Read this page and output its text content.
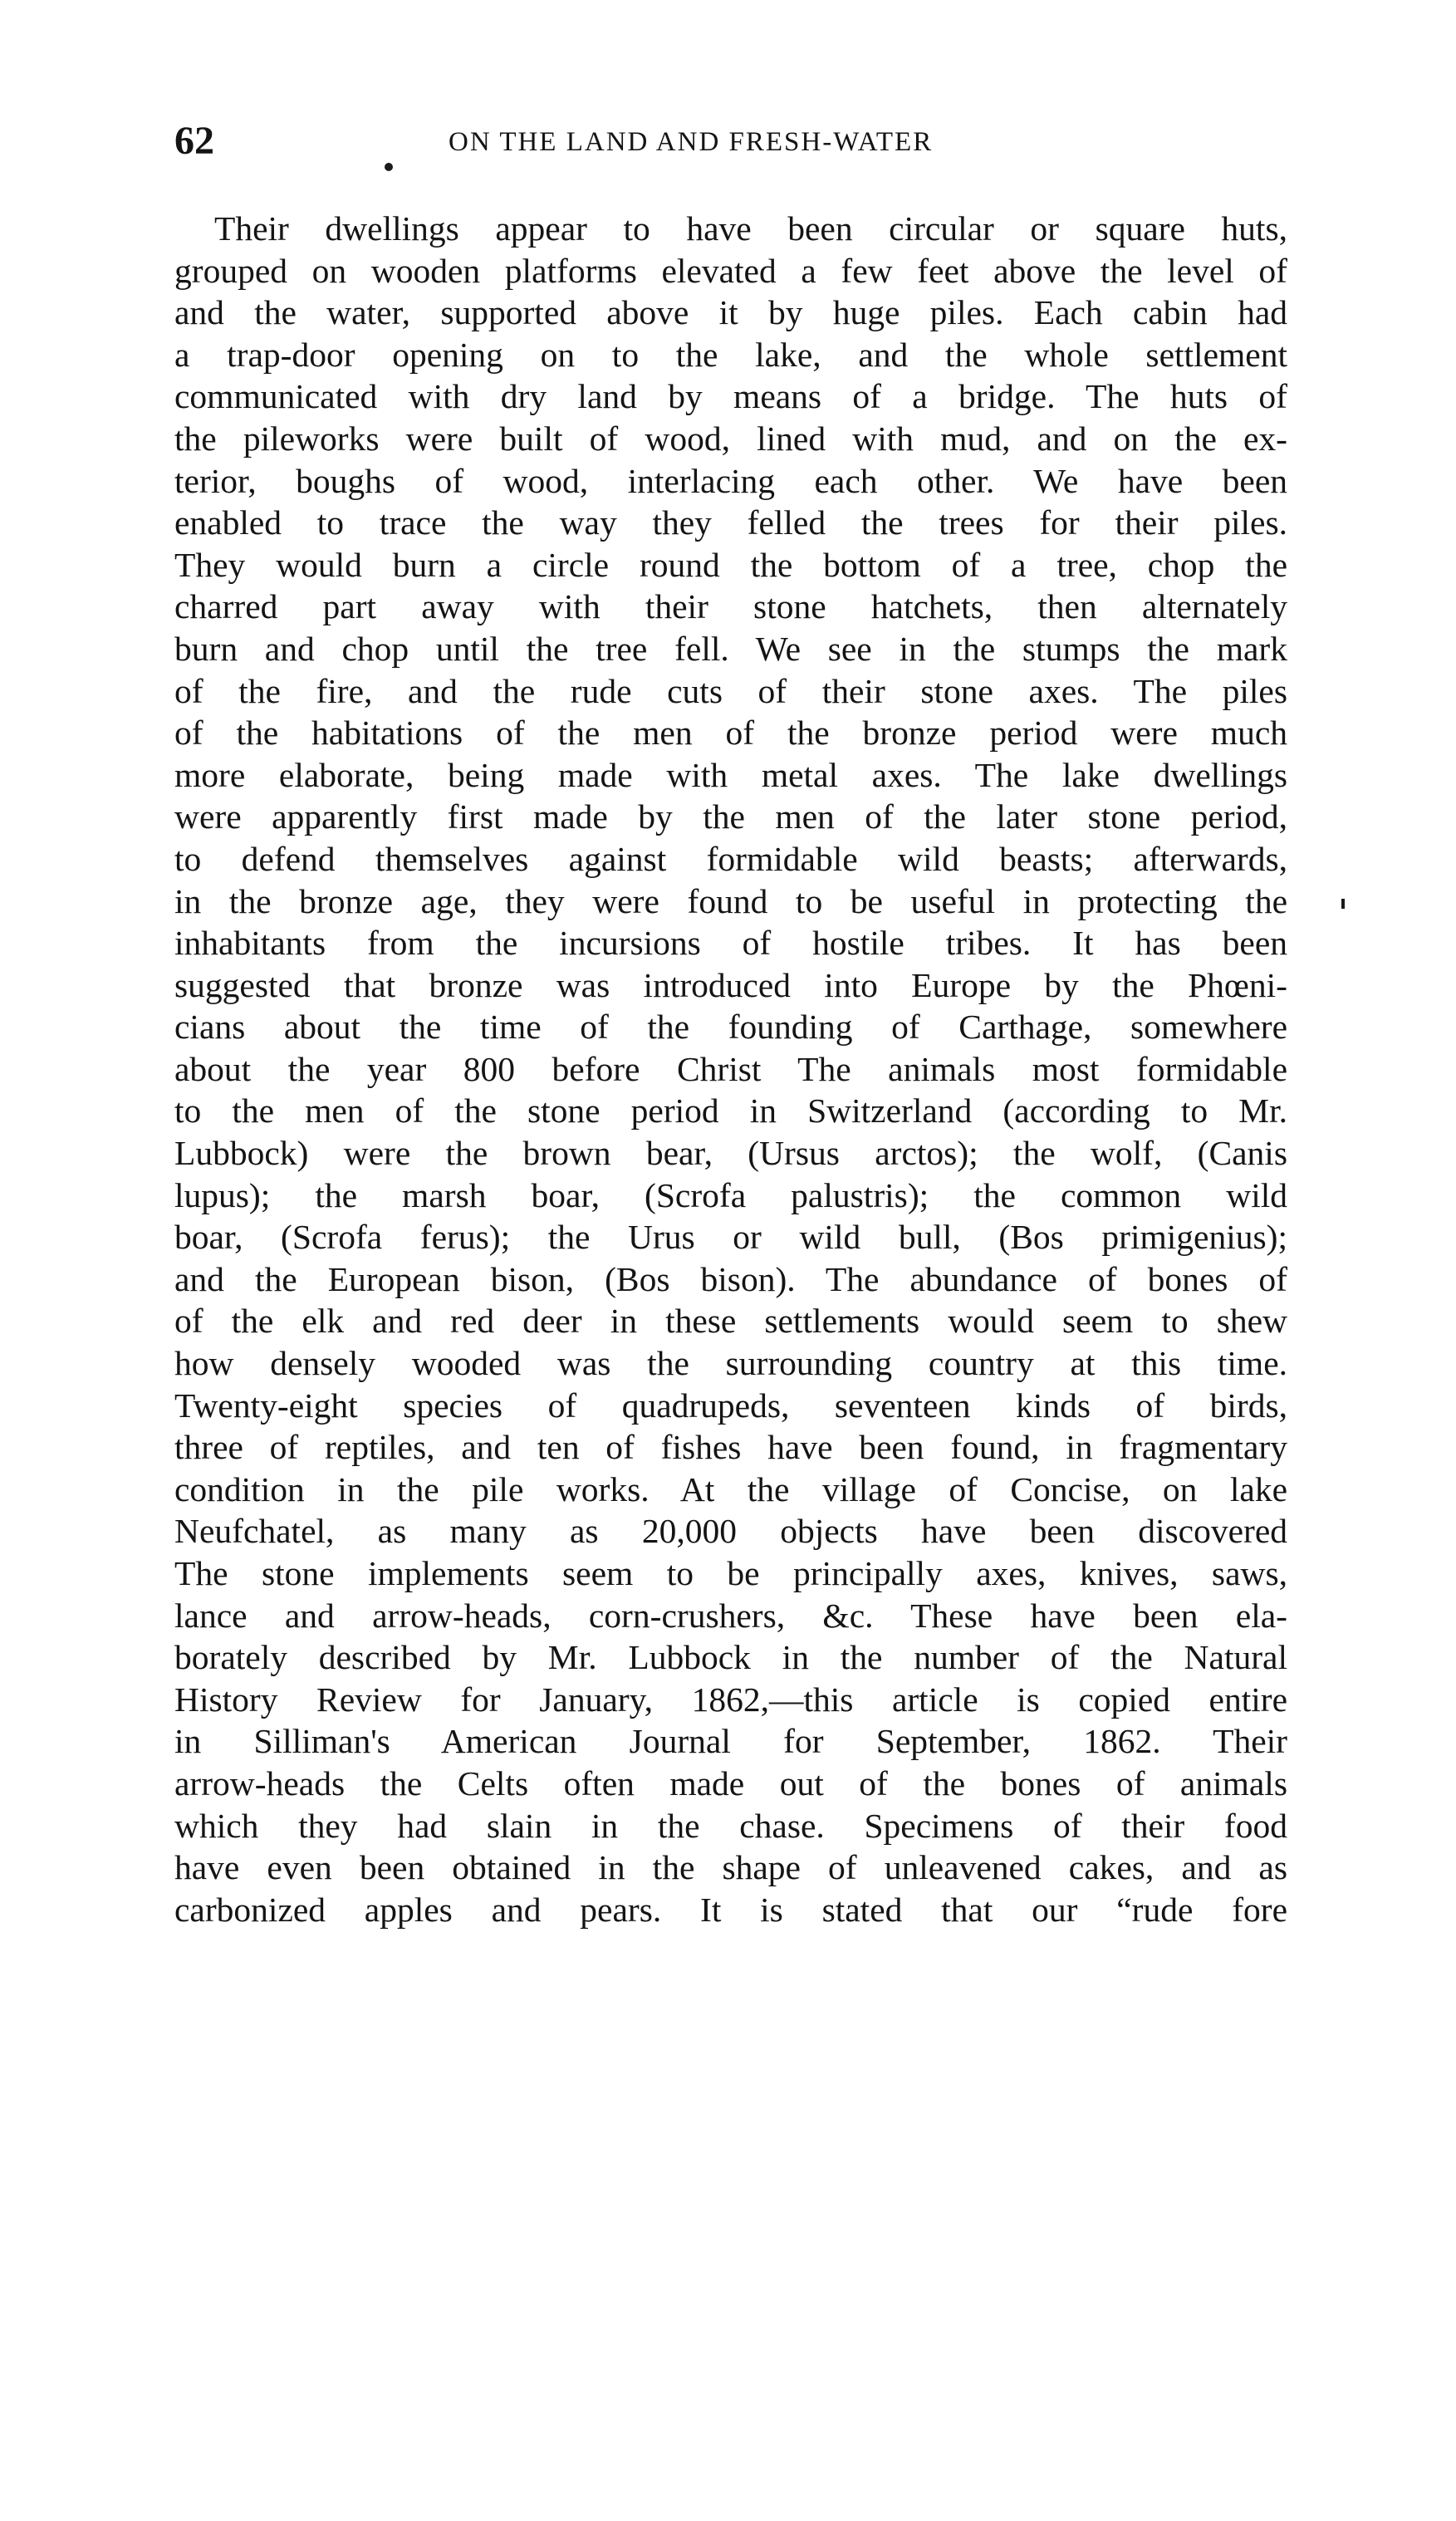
62	ON THE LAND AND FRESH-WATER
Their dwellings appear to have been circular or square huts,
grouped on wooden platforms elevated a few feet above the level of
and the water, supported above it by huge piles. Each cabin had
a trap-door opening on to the lake, and the whole settlement
communicated with dry land by means of a bridge. The huts of
the pileworks were built of wood, lined with mud, and on the ex-
terior, boughs of wood, interlacing each other. We have been
enabled to trace the way they felled the trees for their piles.
They would burn a circle round the bottom of a tree, chop the
charred part away with their stone hatchets, then alternately
burn and chop until the tree fell. We see in the stumps the mark
of the fire, and the rude cuts of their stone axes. The piles
of the habitations of the men of the bronze period were much
more elaborate, being made with metal axes. The lake dwellings
were apparently first made by the men of the later stone period,
to defend themselves against formidable wild beasts; afterwards,
in the bronze age, they were found to be useful in protecting the
inhabitants from the incursions of hostile tribes. It has been
suggested that bronze was introduced into Europe by the Phœni-
cians about the time of the founding of Carthage, somewhere
about the year 800 before Christ The animals most formidable
to the men of the stone period in Switzerland (according to Mr.
Lubbock) were the brown bear, (Ursus arctos); the wolf, (Canis
lupus); the marsh boar, (Scrofa palustris); the common wild
boar, (Scrofa ferus); the Urus or wild bull, (Bos primigenius);
and the European bison, (Bos bison). The abundance of bones of
of the elk and red deer in these settlements would seem to shew
how densely wooded was the surrounding country at this time.
Twenty-eight species of quadrupeds, seventeen kinds of birds,
three of reptiles, and ten of fishes have been found, in fragmentary
condition in the pile works. At the village of Concise, on lake
Neufchatel, as many as 20,000 objects have been discovered
The stone implements seem to be principally axes, knives, saws,
lance and arrow-heads, corn-crushers, &c. These have been ela-
borately described by Mr. Lubbock in the number of the Natural
History Review for January, 1862,—this article is copied entire
in Silliman's American Journal for September, 1862. Their
arrow-heads the Celts often made out of the bones of animals
which they had slain in the chase. Specimens of their food
have even been obtained in the shape of unleavened cakes, and as
carbonized apples and pears. It is stated that our “rude fore
